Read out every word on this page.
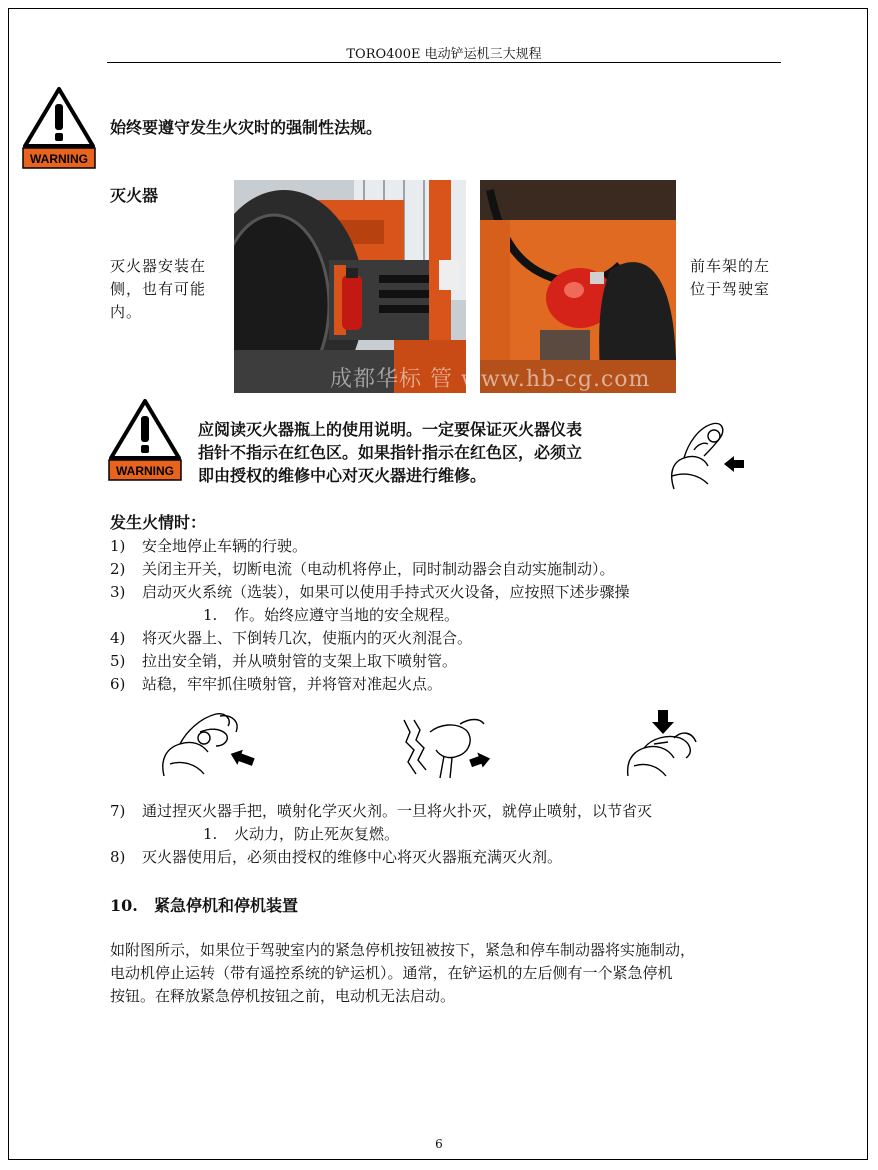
TORO400E 电动铲运机三大规程
WARNING
始终要遵守发生火灾时的强制性法规。
灭火器
灭火器安装在
侧，也有可能
内。
前车架的左
位于驾驶室
成都华标 管 www.hb-cg.com
WARNING
应阅读灭火器瓶上的使用说明。一定要保证灭火器仪表
指针不指示在红色区。如果指针指示在红色区，必须立
即由授权的维修中心对灭火器进行维修。
发生火情时：
1) 安全地停止车辆的行驶。
2) 关闭主开关，切断电流（电动机将停止，同时制动器会自动实施制动）。
3) 启动灭火系统（选装），如果可以使用手持式灭火设备，应按照下述步骤操
1. 作。始终应遵守当地的安全规程。
4) 将灭火器上、下倒转几次，使瓶内的灭火剂混合。
5) 拉出安全销，并从喷射管的支架上取下喷射管。
6) 站稳，牢牢抓住喷射管，并将管对准起火点。
7) 通过捏灭火器手把，喷射化学灭火剂。一旦将火扑灭，就停止喷射，以节省灭
1. 火动力，防止死灰复燃。
8) 灭火器使用后，必须由授权的维修中心将灭火器瓶充满灭火剂。
10. 紧急停机和停机装置
如附图所示，如果位于驾驶室内的紧急停机按钮被按下，紧急和停车制动器将实施制动，
电动机停止运转（带有遥控系统的铲运机）。通常，在铲运机的左后侧有一个紧急停机
按钮。在释放紧急停机按钮之前，电动机无法启动。
6
